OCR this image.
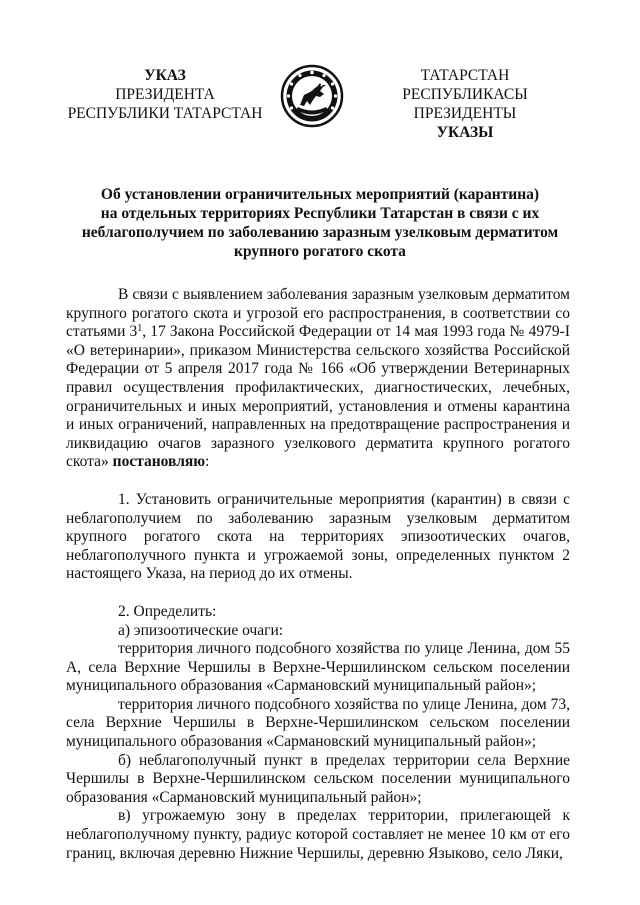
УКАЗ
ПРЕЗИДЕНТА
РЕСПУБЛИКИ ТАТАРСТАН
ТАТАРСТАН РЕСПУБЛИКАСЫ
ПРЕЗИДЕНТЫ
УКАЗЫ
Об установлении ограничительных мероприятий (карантина)
на отдельных территориях Республики Татарстан в связи с их
неблагополучием по заболеванию заразным узелковым дерматитом
крупного рогатого скота

В связи с выявлением заболевания заразным узелковым дерматитом крупного рогатого скота и угрозой его распространения, в соответствии со статьями $3^1$, 17 Закона Российской Федерации от 14 мая 1993 года № 4979-I «О ветеринарии», приказом Министерства сельского хозяйства Российской Федерации от 5 апреля 2017 года № 166 «Об утверждении Ветеринарных правил осуществления профилактических, диагностических, лечебных, ограничительных и иных мероприятий, установления и отмены карантина и иных ограничений, направленных на предотвращение распространения и ликвидацию очагов заразного узелкового дерматита крупного рогатого скота» постановляю:

1. Установить ограничительные мероприятия (карантин) в связи с неблагополучием по заболеванию заразным узелковым дерматитом крупного рогатого скота на территориях эпизоотических очагов, неблагополучного пункта и угрожаемой зоны, определенных пунктом 2 настоящего Указа, на период до их отмены.

2. Определить:

а) эпизоотические очаги:

территория личного подсобного хозяйства по улице Ленина, дом 55 А, села Верхние Чершилы в Верхне-Чершилинском сельском поселении муниципального образования «Сармановский муниципальный район»;

территория личного подсобного хозяйства по улице Ленина, дом 73, села Верхние Чершилы в Верхне-Чершилинском сельском поселении муниципального образования «Сармановский муниципальный район»;

б) неблагополучный пункт в пределах территории села Верхние Чершилы в Верхне-Чершилинском сельском поселении муниципального образования «Сармановский муниципальный район»;

в) угрожаемую зону в пределах территории, прилегающей к неблагополучному пункту, радиус которой составляет не менее 10 км от его границ, включая деревню Нижние Чершилы, деревню Языково, село Ляки,
